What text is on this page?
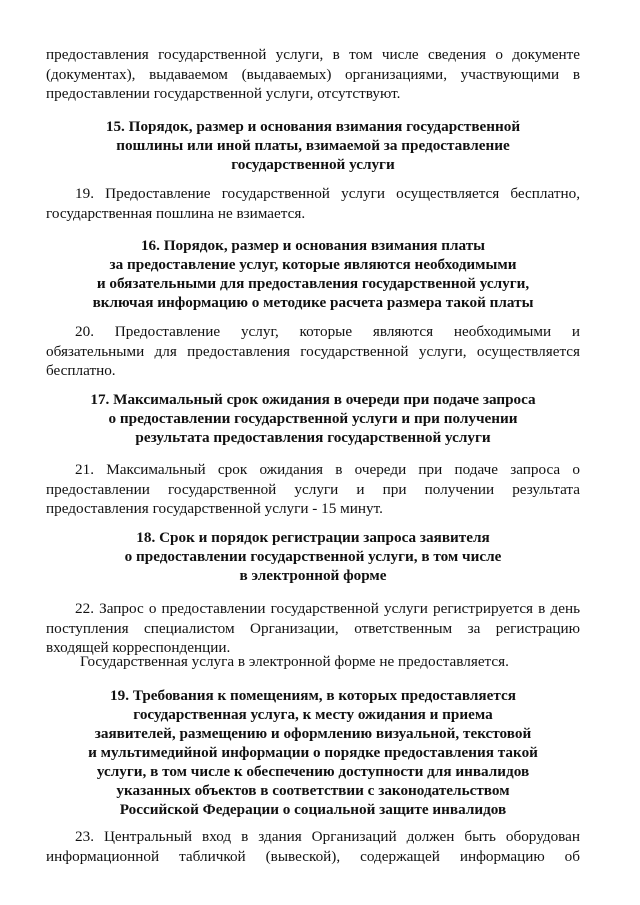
предоставления государственной услуги, в том числе сведения о документе (документах), выдаваемом (выдаваемых) организациями, участвующими в предоставлении государственной услуги, отсутствуют.

15. Порядок, размер и основания взимания государственной
пошлины или иной платы, взимаемой за предоставление
государственной услуги

19. Предоставление государственной услуги осуществляется бесплатно, государственная пошлина не взимается.

16. Порядок, размер и основания взимания платы
за предоставление услуг, которые являются необходимыми
и обязательными для предоставления государственной услуги,
включая информацию о методике расчета размера такой платы

20. Предоставление услуг, которые являются необходимыми и обязательными для предоставления государственной услуги, осуществляется бесплатно.

17. Максимальный срок ожидания в очереди при подаче запроса
о предоставлении государственной услуги и при получении
результата предоставления государственной услуги

21. Максимальный срок ожидания в очереди при подаче запроса о предоставлении государственной услуги и при получении результата предоставления государственной услуги - 15 минут.

18. Срок и порядок регистрации запроса заявителя
о предоставлении государственной услуги, в том числе
в электронной форме

22. Запрос о предоставлении государственной услуги регистрируется в день поступления специалистом Организации, ответственным за регистрацию входящей корреспонденции.

Государственная услуга в электронной форме не предоставляется.

19. Требования к помещениям, в которых предоставляется
государственная услуга, к месту ожидания и приема
заявителей, размещению и оформлению визуальной, текстовой
и мультимедийной информации о порядке предоставления такой
услуги, в том числе к обеспечению доступности для инвалидов
указанных объектов в соответствии с законодательством
Российской Федерации о социальной защите инвалидов

23. Центральный вход в здания Организаций должен быть оборудован информационной табличкой (вывеской), содержащей информацию об
